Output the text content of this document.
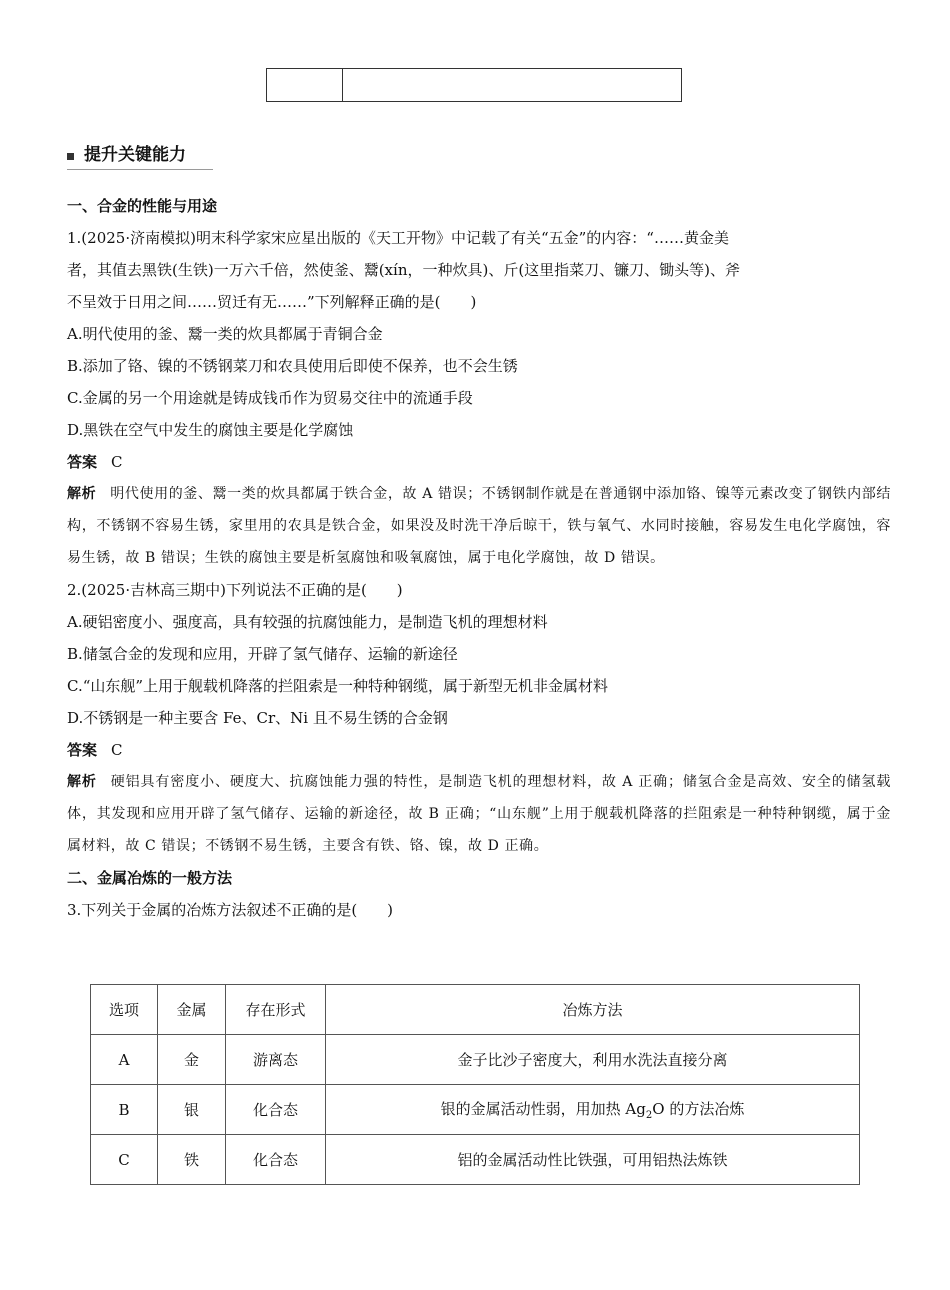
提升关键能力
一、合金的性能与用途
1.(2025·济南模拟)明末科学家宋应星出版的《天工开物》中记载了有关“五金”的内容：“……黄金美
者，其值去黑铁(生铁)一万六千倍，然使釜、鬵(xín，一种炊具)、斤(这里指菜刀、镰刀、锄头等)、斧
不呈效于日用之间……贸迁有无……”下列解释正确的是(　　)
A.明代使用的釜、鬵一类的炊具都属于青铜合金
B.添加了铬、镍的不锈钢菜刀和农具使用后即使不保养，也不会生锈
C.金属的另一个用途就是铸成钱币作为贸易交往中的流通手段
D.黑铁在空气中发生的腐蚀主要是化学腐蚀
答案 C
解析 明代使用的釜、鬵一类的炊具都属于铁合金，故 A 错误；不锈钢制作就是在普通钢中添加铬、镍等元素改变了钢铁内部结构，不锈钢不容易生锈，家里用的农具是铁合金，如果没及时洗干净后晾干，铁与氧气、水同时接触，容易发生电化学腐蚀，容易生锈，故 B 错误；生铁的腐蚀主要是析氢腐蚀和吸氧腐蚀，属于电化学腐蚀，故 D 错误。
2.(2025·吉林高三期中)下列说法不正确的是(　　)
A.硬铝密度小、强度高，具有较强的抗腐蚀能力，是制造飞机的理想材料
B.储氢合金的发现和应用，开辟了氢气储存、运输的新途径
C.“山东舰”上用于舰载机降落的拦阻索是一种特种钢缆，属于新型无机非金属材料
D.不锈钢是一种主要含 Fe、Cr、Ni 且不易生锈的合金钢
答案 C
解析 硬铝具有密度小、硬度大、抗腐蚀能力强的特性，是制造飞机的理想材料，故 A 正确；储氢合金是高效、安全的储氢载体，其发现和应用开辟了氢气储存、运输的新途径，故 B 正确；“山东舰”上用于舰载机降落的拦阻索是一种特种钢缆，属于金属材料，故 C 错误；不锈钢不易生锈，主要含有铁、铬、镍，故 D 正确。
二、金属冶炼的一般方法
3.下列关于金属的冶炼方法叙述不正确的是(　　)
选项	金属	存在形式	冶炼方法
A	金	游离态	金子比沙子密度大，利用水洗法直接分离
B	银	化合态	银的金属活动性弱，用加热 $Ag_2O$ 的方法冶炼
C	铁	化合态	铝的金属活动性比铁强，可用铝热法炼铁
